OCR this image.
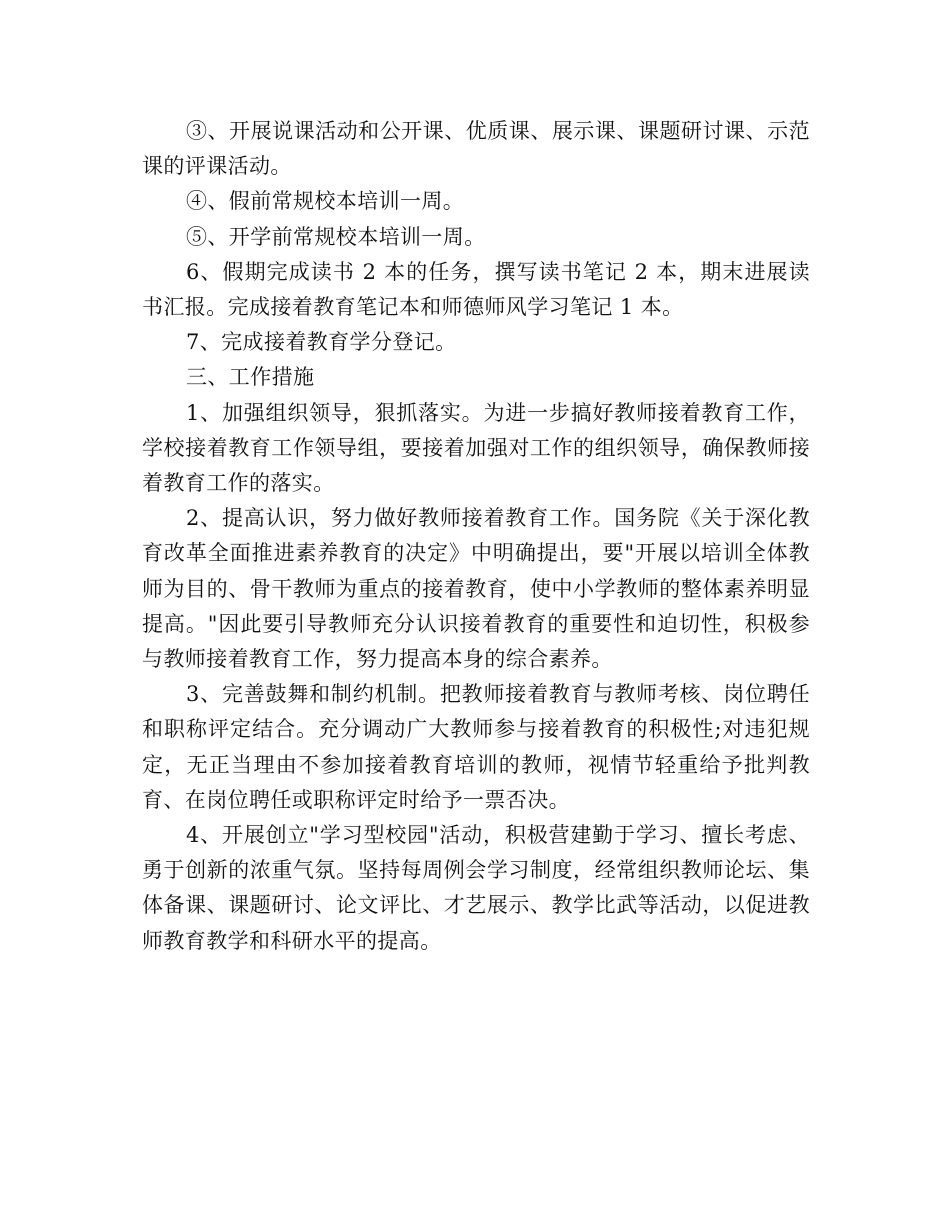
③、开展说课活动和公开课、优质课、展示课、课题研讨课、示范课的评课活动。

④、假前常规校本培训一周。

⑤、开学前常规校本培训一周。

6、假期完成读书 2 本的任务，撰写读书笔记 2 本，期末进展读书汇报。完成接着教育笔记本和师德师风学习笔记 1 本。

7、完成接着教育学分登记。

三、工作措施

1、加强组织领导，狠抓落实。为进一步搞好教师接着教育工作，学校接着教育工作领导组，要接着加强对工作的组织领导，确保教师接着教育工作的落实。

2、提高认识，努力做好教师接着教育工作。国务院《关于深化教育改革全面推进素养教育的决定》中明确提出，要"开展以培训全体教师为目的、骨干教师为重点的接着教育，使中小学教师的整体素养明显提高。"因此要引导教师充分认识接着教育的重要性和迫切性，积极参与教师接着教育工作，努力提高本身的综合素养。

3、完善鼓舞和制约机制。把教师接着教育与教师考核、岗位聘任和职称评定结合。充分调动广大教师参与接着教育的积极性;对违犯规定，无正当理由不参加接着教育培训的教师，视情节轻重给予批判教育、在岗位聘任或职称评定时给予一票否决。

4、开展创立"学习型校园"活动，积极营建勤于学习、擅长考虑、勇于创新的浓重气氛。坚持每周例会学习制度，经常组织教师论坛、集体备课、课题研讨、论文评比、才艺展示、教学比武等活动，以促进教师教育教学和科研水平的提高。
